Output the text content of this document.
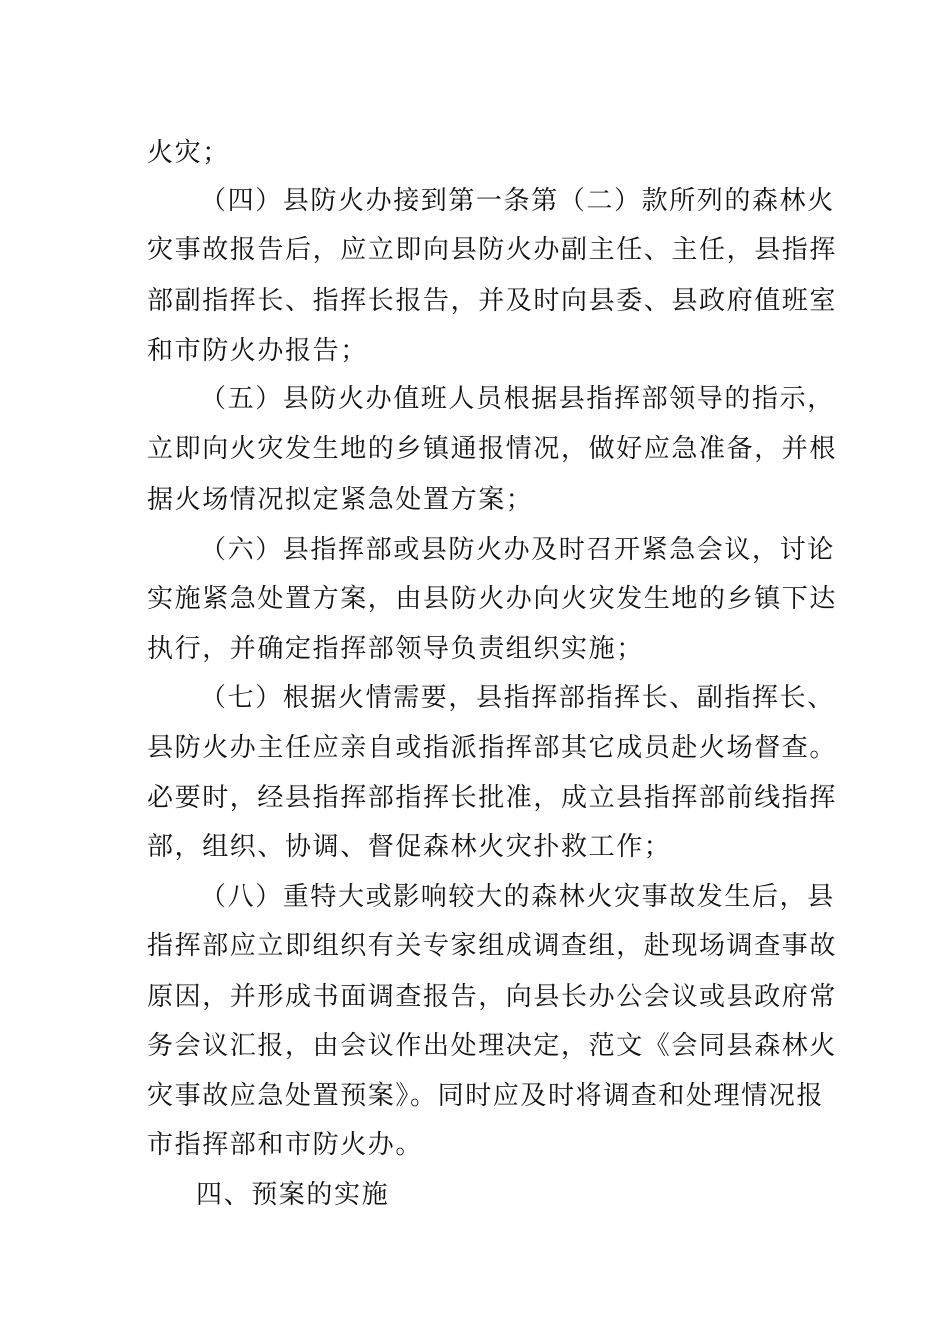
火灾；
（四）县防火办接到第一条第（二）款所列的森林火
灾事故报告后，应立即向县防火办副主任、主任，县指挥
部副指挥长、指挥长报告，并及时向县委、县政府值班室
和市防火办报告；
（五）县防火办值班人员根据县指挥部领导的指示，
立即向火灾发生地的乡镇通报情况，做好应急准备，并根
据火场情况拟定紧急处置方案；
（六）县指挥部或县防火办及时召开紧急会议，讨论
实施紧急处置方案，由县防火办向火灾发生地的乡镇下达
执行，并确定指挥部领导负责组织实施；
（七）根据火情需要，县指挥部指挥长、副指挥长、
县防火办主任应亲自或指派指挥部其它成员赴火场督查。
必要时，经县指挥部指挥长批准，成立县指挥部前线指挥
部，组织、协调、督促森林火灾扑救工作；
（八）重特大或影响较大的森林火灾事故发生后，县
指挥部应立即组织有关专家组成调查组，赴现场调查事故
原因，并形成书面调查报告，向县长办公会议或县政府常
务会议汇报，由会议作出处理决定，范文《会同县森林火
灾事故应急处置预案》。同时应及时将调查和处理情况报
市指挥部和市防火办。
四、预案的实施
